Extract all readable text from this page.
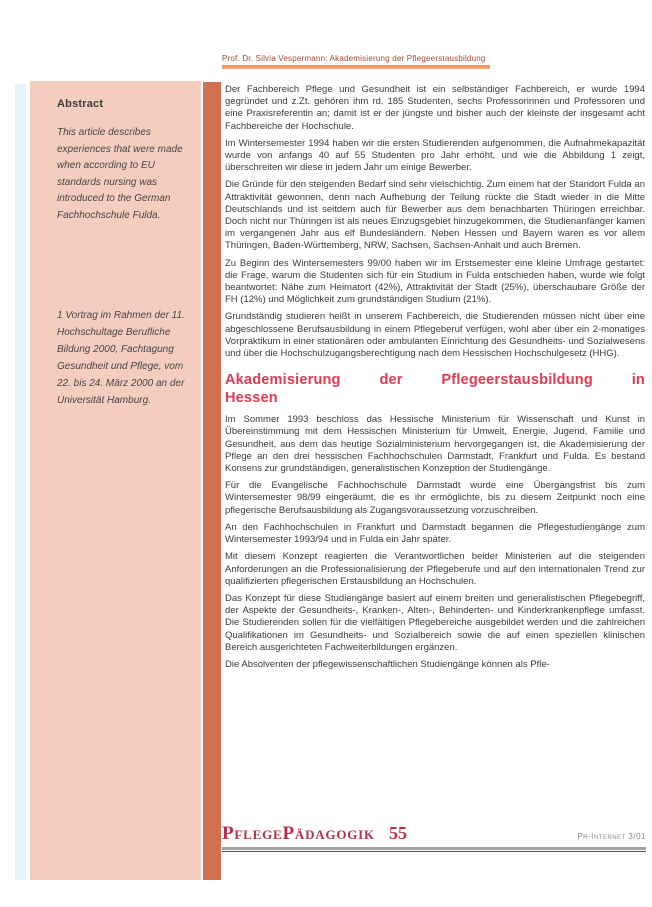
Abstract
This article describes experiences that were made when according to EU standards nursing was introduced to the German Fachhochschule Fulda.
1 Vortrag im Rahmen der 11. Hochschultage Berufliche Bildung 2000, Fachtagung Gesundheit und Pflege, vom 22. bis 24. März 2000 an der Universität Hamburg.
Prof. Dr. Silvia Vespermann: Akademisierung der Pflegeerstausbildung

Der Fachbereich Pflege und Gesundheit ist ein selbständiger Fachbereich, er wurde 1994 gegründet und z.Zt. gehören ihm rd. 185 Studenten, sechs Professorinnen und Professoren und eine Praxisreferentin an; damit ist er der jüngste und bisher auch der kleinste der insgesamt acht Fachbereiche der Hochschule.

Im Wintersemester 1994 haben wir die ersten Studierenden aufgenommen, die Aufnahmekapazität wurde von anfangs 40 auf 55 Studenten pro Jahr erhöht, und wie die Abbildung 1 zeigt, überschreiten wir diese in jedem Jahr um einige Bewerber.

Die Gründe für den steigenden Bedarf sind sehr vielschichtig. Zum einem hat der Standort Fulda an Attraktivität gewonnen, denn nach Aufhebung der Teilung rückte die Stadt wieder in die Mitte Deutschlands und ist seitdem auch für Bewerber aus dem benachbarten Thüringen erreichbar. Doch nicht nur Thüringen ist als neues Einzugsgebiet hinzugekommen, die Studienanfänger kamen im vergangenen Jahr aus elf Bundesländern. Neben Hessen und Bayern waren es vor allem Thüringen, Baden-Württemberg, NRW, Sachsen, Sachsen-Anhalt und auch Bremen.

Zu Beginn des Wintersemesters 99/00 haben wir im Erstsemester eine kleine Umfrage gestartet: die Frage, warum die Studenten sich für ein Studium in Fulda entschieden haben, wurde wie folgt beantwortet: Nähe zum Heimatort (42%), Attraktivität der Stadt (25%), überschaubare Größe der FH (12%) und Möglichkeit zum grundständigen Studium (21%).

Grundständig studieren heißt in unserem Fachbereich, die Studierenden müssen nicht über eine abgeschlossene Berufsausbildung in einem Pflegeberuf verfügen, wohl aber über ein 2-monatiges Vorpraktikum in einer stationären oder ambulanten Einrichtung des Gesundheits- und Sozialwesens und über die Hochschulzugangsberechtigung nach dem Hessischen Hochschulgesetz (HHG).

Akademisierung der Pflegeerstausbildung in
Hessen

Im Sommer 1993 beschloss das Hessische Ministerium für Wissenschaft und Kunst in Übereinstimmung mit dem Hessischen Ministerium für Umwelt, Energie, Jugend, Familie und Gesundheit, aus dem das heutige Sozialministerium hervorgegangen ist, die Akademisierung der Pflege an den drei hessischen Fachhochschulen Darmstadt, Frankfurt und Fulda. Es bestand Konsens zur grundständigen, generalistischen Konzeption der Studiengänge.

Für die Evangelische Fachhochschule Darmstadt wurde eine Übergangsfrist bis zum Wintersemester 98/99 eingeräumt, die es ihr ermöglichte, bis zu diesem Zeitpunkt noch eine pflegerische Berufsausbildung als Zugangsvoraussetzung vorzuschreiben.

An den Fachhochschulen in Frankfurt und Darmstadt begannen die Pflegestudiengänge zum Wintersemester 1993/94 und in Fulda ein Jahr später.

Mit diesem Konzept reagierten die Verantwortlichen beider Ministerien auf die steigenden Anforderungen an die Professionalisierung der Pflegeberufe und auf den internationalen Trend zur qualifizierten pflegerischen Erstausbildung an Hochschulen.

Das Konzept für diese Studiengänge basiert auf einem breiten und generalistischen Pflegebegriff, der Aspekte der Gesundheits-, Kranken-, Alten-, Behinderten- und Kinderkrankenpflege umfasst. Die Studierenden sollen für die vielfältigen Pflegebereiche ausgebildet werden und die zahlreichen Qualifikationen im Gesundheits- und Sozialbereich sowie die auf einen speziellen klinischen Bereich ausgerichteten Fachweiterbildungen ergänzen.

Die Absolventen der pflegewissenschaftlichen Studiengänge können als Pfle-

PflegePädagogik 55	Pr-Internet 3/01
